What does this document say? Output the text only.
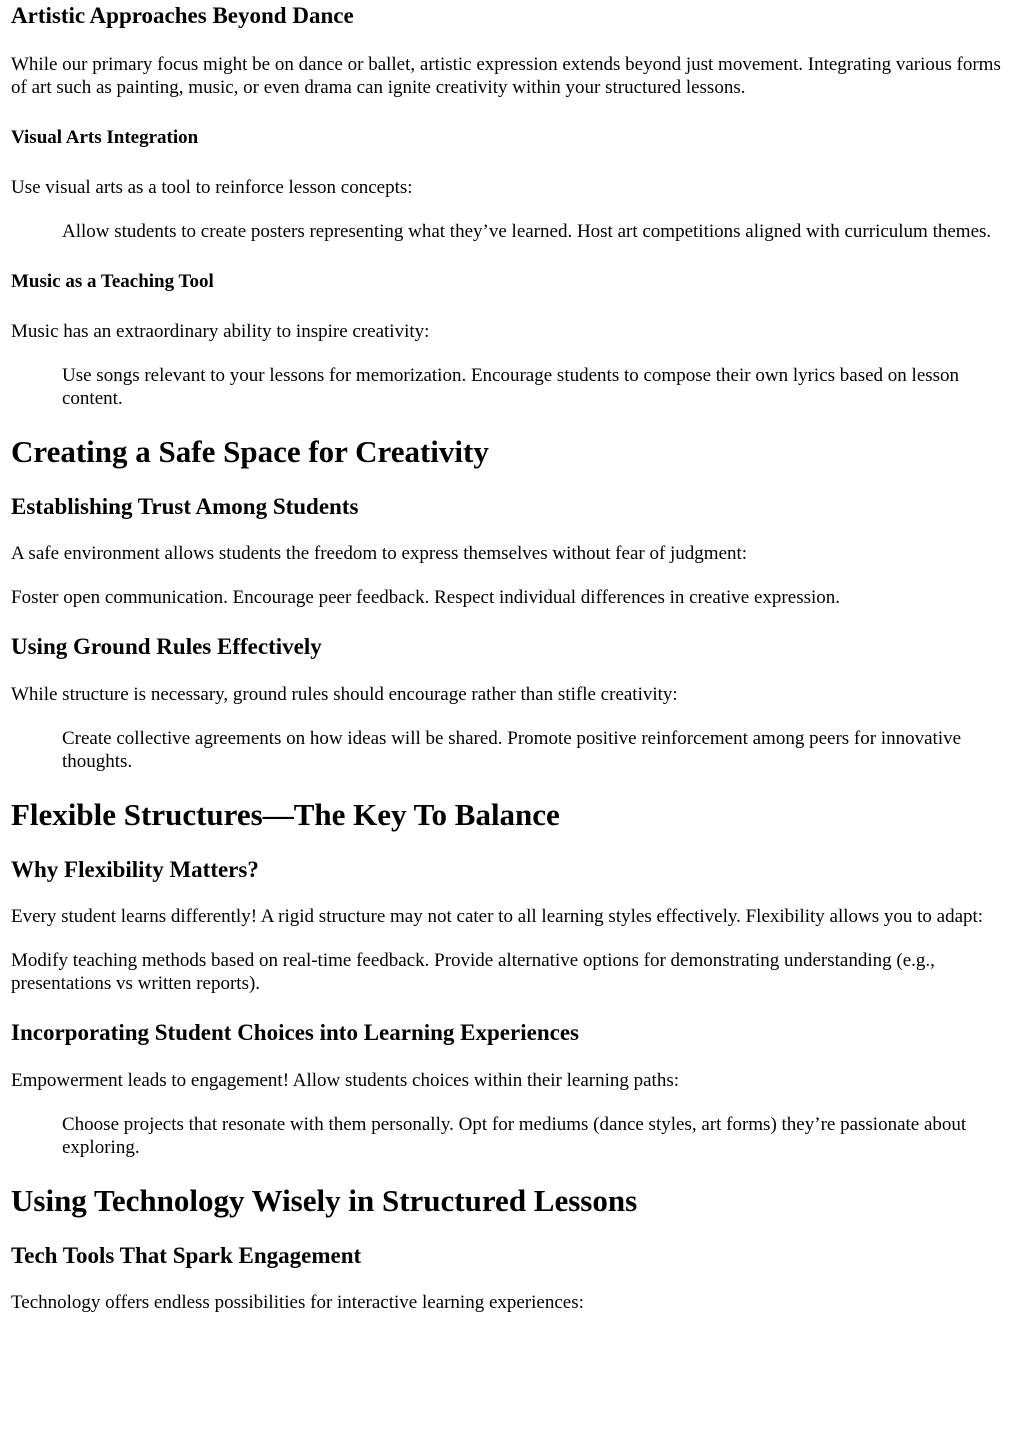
Artistic Approaches Beyond Dance

While our primary focus might be on dance or ballet, artistic expression extends beyond just movement. Integrating various forms of art such as painting, music, or even drama can ignite creativity within your structured lessons.

Visual Arts Integration

Use visual arts as a tool to reinforce lesson concepts:

Allow students to create posters representing what they’ve learned. Host art competitions aligned with curriculum themes.

Music as a Teaching Tool

Music has an extraordinary ability to inspire creativity:

Use songs relevant to your lessons for memorization. Encourage students to compose their own lyrics based on lesson content.

Creating a Safe Space for Creativity
Establishing Trust Among Students

A safe environment allows students the freedom to express themselves without fear of judgment:

Foster open communication. Encourage peer feedback. Respect individual differences in creative expression.

Using Ground Rules Effectively

While structure is necessary, ground rules should encourage rather than stifle creativity:

Create collective agreements on how ideas will be shared. Promote positive reinforcement among peers for innovative thoughts.

Flexible Structures—The Key To Balance
Why Flexibility Matters?

Every student learns differently! A rigid structure may not cater to all learning styles effectively. Flexibility allows you to adapt:

Modify teaching methods based on real-time feedback. Provide alternative options for demonstrating understanding (e.g., presentations vs written reports).

Incorporating Student Choices into Learning Experiences

Empowerment leads to engagement! Allow students choices within their learning paths:

Choose projects that resonate with them personally. Opt for mediums (dance styles, art forms) they’re passionate about exploring.

Using Technology Wisely in Structured Lessons
Tech Tools That Spark Engagement

Technology offers endless possibilities for interactive learning experiences:
